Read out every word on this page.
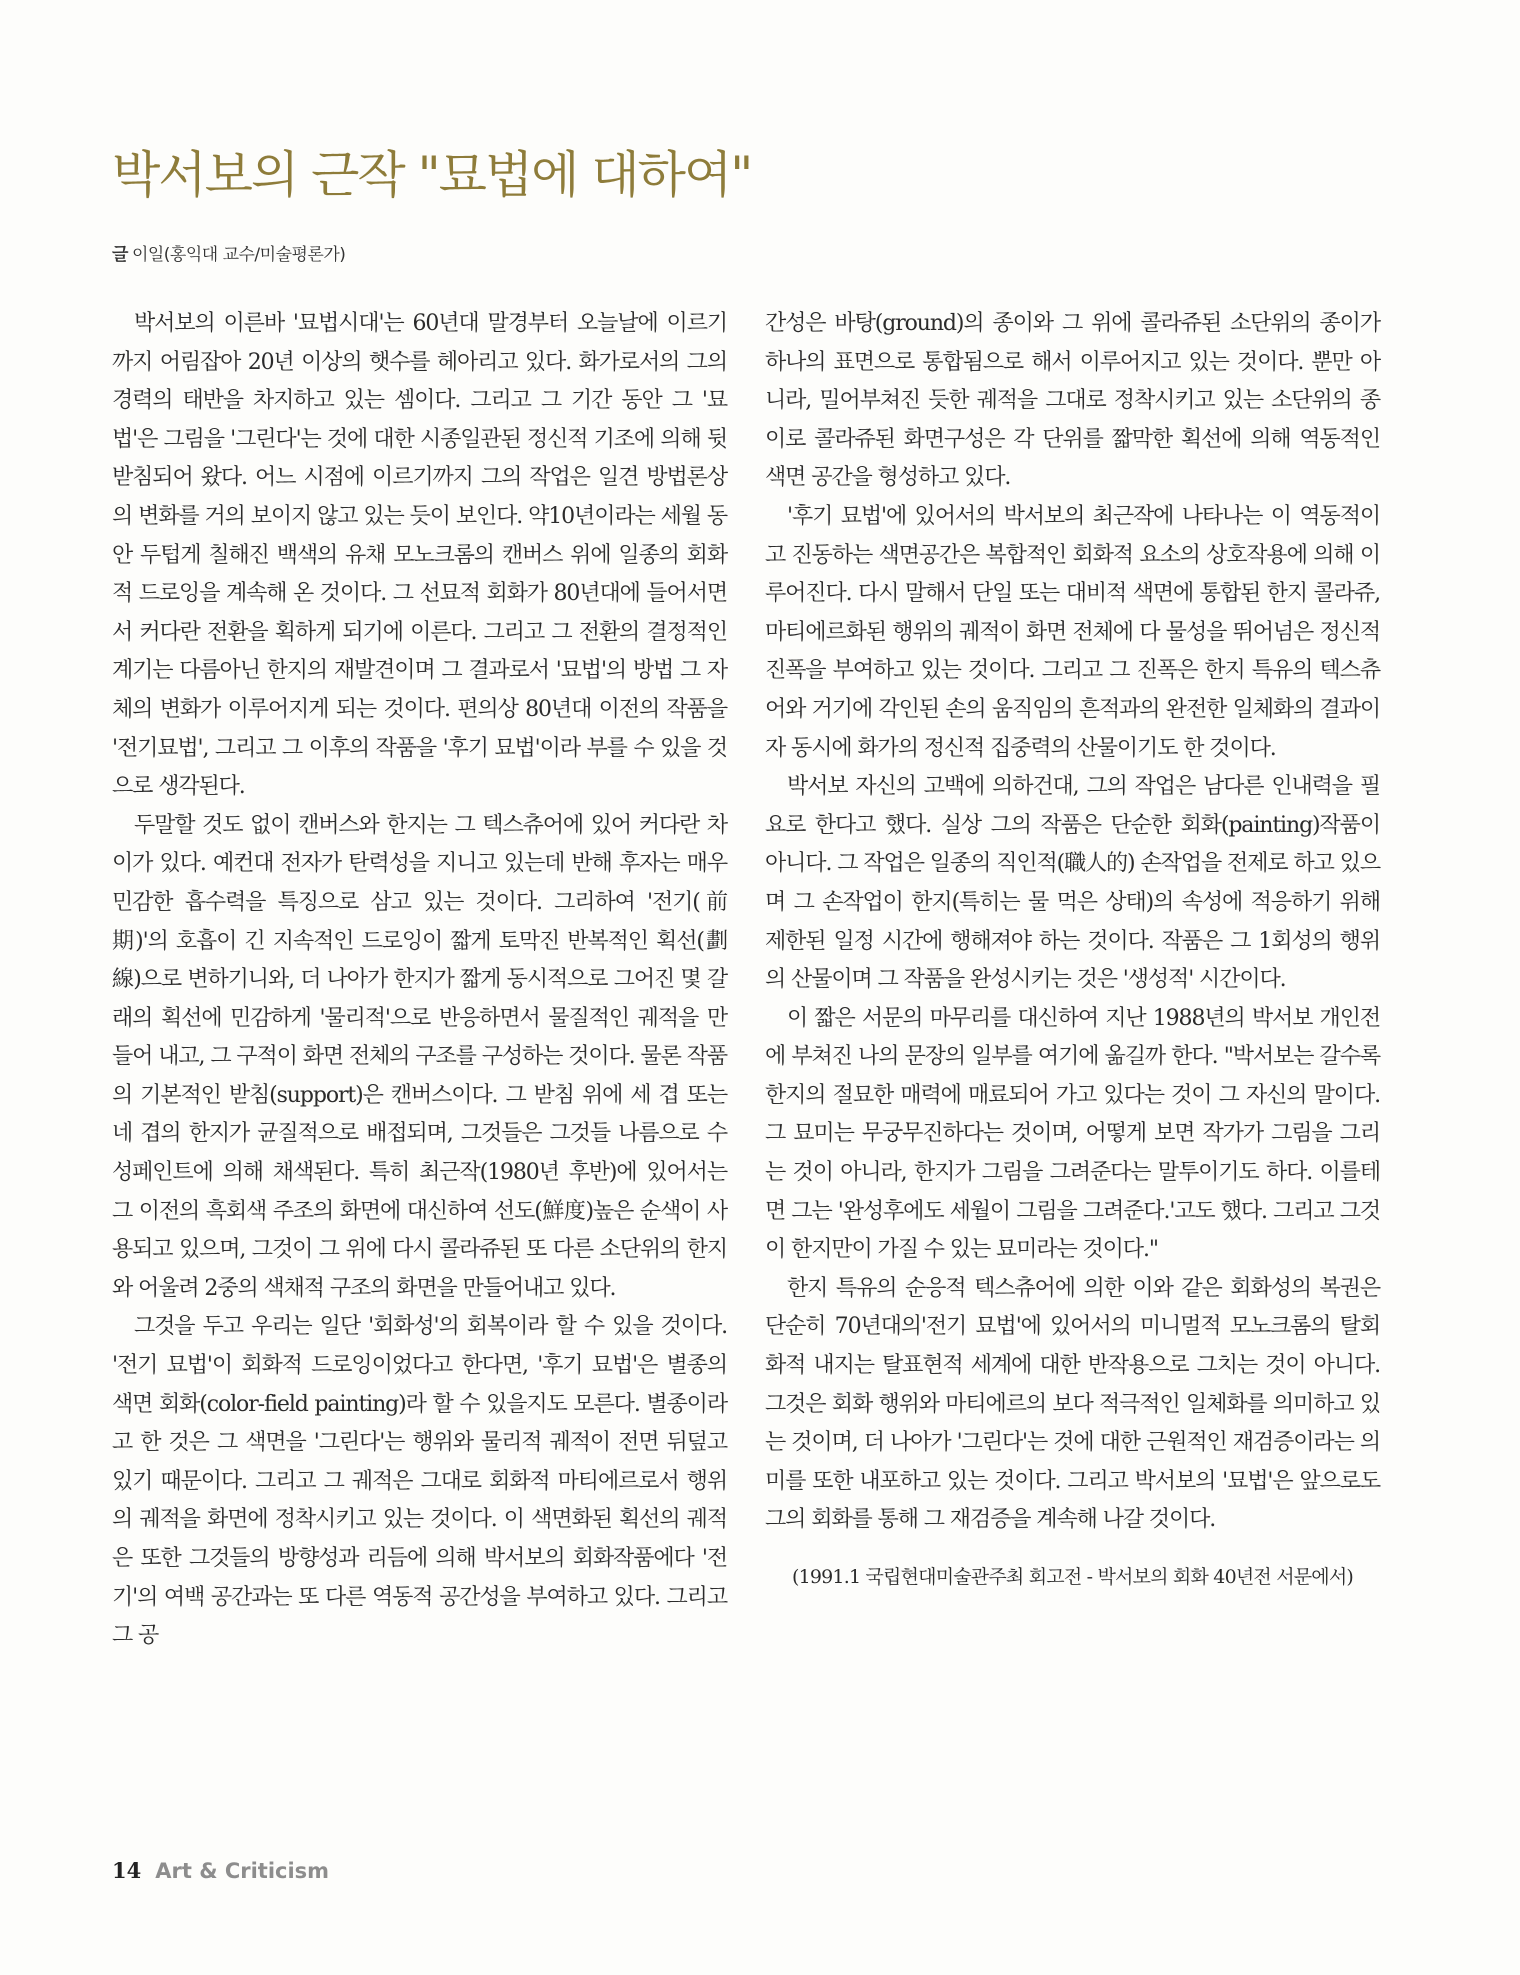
박서보의 근작 "묘법에 대하여"
글 이일(홍익대 교수/미술평론가)

박서보의 이른바 '묘법시대'는 60년대 말경부터 오늘날에 이르기까지 어림잡아 20년 이상의 햇수를 헤아리고 있다. 화가로서의 그의 경력의 태반을 차지하고 있는 셈이다. 그리고 그 기간 동안 그 '묘법'은 그림을 '그린다'는 것에 대한 시종일관된 정신적 기조에 의해 뒷받침되어 왔다. 어느 시점에 이르기까지 그의 작업은 일견 방법론상의 변화를 거의 보이지 않고 있는 듯이 보인다. 약10년이라는 세월 동안 두텁게 칠해진 백색의 유채 모노크롬의 캔버스 위에 일종의 회화적 드로잉을 계속해 온 것이다. 그 선묘적 회화가 80년대에 들어서면서 커다란 전환을 획하게 되기에 이른다. 그리고 그 전환의 결정적인 계기는 다름아닌 한지의 재발견이며 그 결과로서 '묘법'의 방법 그 자체의 변화가 이루어지게 되는 것이다. 편의상 80년대 이전의 작품을 '전기묘법', 그리고 그 이후의 작품을 '후기 묘법'이라 부를 수 있을 것으로 생각된다.

두말할 것도 없이 캔버스와 한지는 그 텍스츄어에 있어 커다란 차이가 있다. 예컨대 전자가 탄력성을 지니고 있는데 반해 후자는 매우 민감한 흡수력을 특징으로 삼고 있는 것이다. 그리하여 '전기(前期)'의 호흡이 긴 지속적인 드로잉이 짧게 토막진 반복적인 획선(劃線)으로 변하기니와, 더 나아가 한지가 짧게 동시적으로 그어진 몇 갈래의 획선에 민감하게 '물리적'으로 반응하면서 물질적인 궤적을 만들어 내고, 그 구적이 화면 전체의 구조를 구성하는 것이다. 물론 작품의 기본적인 받침(support)은 캔버스이다. 그 받침 위에 세 겹 또는 네 겹의 한지가 균질적으로 배접되며, 그것들은 그것들 나름으로 수성페인트에 의해 채색된다. 특히 최근작(1980년 후반)에 있어서는 그 이전의 흑회색 주조의 화면에 대신하여 선도(鮮度)높은 순색이 사용되고 있으며, 그것이 그 위에 다시 콜라쥬된 또 다른 소단위의 한지와 어울려 2중의 색채적 구조의 화면을 만들어내고 있다.

그것을 두고 우리는 일단 '회화성'의 회복이라 할 수 있을 것이다. '전기 묘법'이 회화적 드로잉이었다고 한다면, '후기 묘법'은 별종의 색면 회화(color-field painting)라 할 수 있을지도 모른다. 별종이라고 한 것은 그 색면을 '그린다'는 행위와 물리적 궤적이 전면 뒤덮고 있기 때문이다. 그리고 그 궤적은 그대로 회화적 마티에르로서 행위의 궤적을 화면에 정착시키고 있는 것이다. 이 색면화된 획선의 궤적은 또한 그것들의 방향성과 리듬에 의해 박서보의 회화작품에다 '전기'의 여백 공간과는 또 다른 역동적 공간성을 부여하고 있다. 그리고 그 공

간성은 바탕(ground)의 종이와 그 위에 콜라쥬된 소단위의 종이가 하나의 표면으로 통합됨으로 해서 이루어지고 있는 것이다. 뿐만 아니라, 밀어부쳐진 듯한 궤적을 그대로 정착시키고 있는 소단위의 종이로 콜라쥬된 화면구성은 각 단위를 짧막한 획선에 의해 역동적인 색면 공간을 형성하고 있다.

'후기 묘법'에 있어서의 박서보의 최근작에 나타나는 이 역동적이고 진동하는 색면공간은 복합적인 회화적 요소의 상호작용에 의해 이루어진다. 다시 말해서 단일 또는 대비적 색면에 통합된 한지 콜라쥬, 마티에르화된 행위의 궤적이 화면 전체에 다 물성을 뛰어넘은 정신적 진폭을 부여하고 있는 것이다. 그리고 그 진폭은 한지 특유의 텍스츄어와 거기에 각인된 손의 움직임의 흔적과의 완전한 일체화의 결과이자 동시에 화가의 정신적 집중력의 산물이기도 한 것이다.

박서보 자신의 고백에 의하건대, 그의 작업은 남다른 인내력을 필요로 한다고 했다. 실상 그의 작품은 단순한 회화(painting)작품이 아니다. 그 작업은 일종의 직인적(職人的) 손작업을 전제로 하고 있으며 그 손작업이 한지(특히는 물 먹은 상태)의 속성에 적응하기 위해 제한된 일정 시간에 행해져야 하는 것이다. 작품은 그 1회성의 행위의 산물이며 그 작품을 완성시키는 것은 '생성적' 시간이다.

이 짧은 서문의 마무리를 대신하여 지난 1988년의 박서보 개인전에 부쳐진 나의 문장의 일부를 여기에 옮길까 한다. "박서보는 갈수록 한지의 절묘한 매력에 매료되어 가고 있다는 것이 그 자신의 말이다. 그 묘미는 무궁무진하다는 것이며, 어떻게 보면 작가가 그림을 그리는 것이 아니라, 한지가 그림을 그려준다는 말투이기도 하다. 이를테면 그는 '완성후에도 세월이 그림을 그려준다.'고도 했다. 그리고 그것이 한지만이 가질 수 있는 묘미라는 것이다."

한지 특유의 순응적 텍스츄어에 의한 이와 같은 회화성의 복권은 단순히 70년대의'전기 묘법'에 있어서의 미니멀적 모노크롬의 탈회화적 내지는 탈표현적 세계에 대한 반작용으로 그치는 것이 아니다. 그것은 회화 행위와 마티에르의 보다 적극적인 일체화를 의미하고 있는 것이며, 더 나아가 '그린다'는 것에 대한 근원적인 재검증이라는 의미를 또한 내포하고 있는 것이다. 그리고 박서보의 '묘법'은 앞으로도 그의 회화를 통해 그 재검증을 계속해 나갈 것이다.

(1991.1 국립현대미술관주최 회고전 - 박서보의 회화 40년전 서문에서)
14 Art & Criticism
